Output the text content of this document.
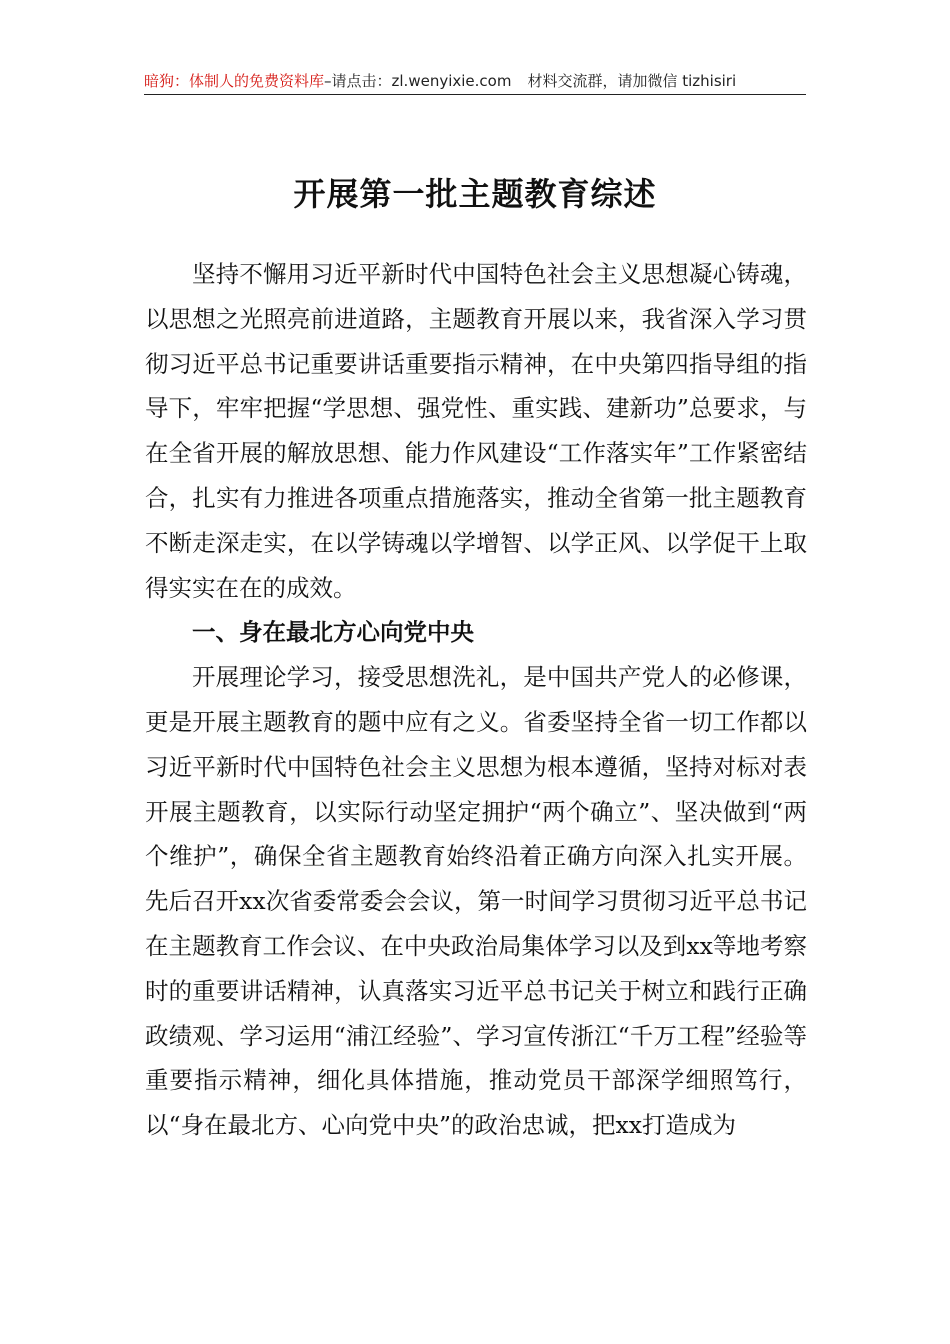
暗狗：体制人的免费资料库–请点击：zl.wenyixie.com 材料交流群，请加微信 tizhisiri
开展第一批主题教育综述

坚持不懈用习近平新时代中国特色社会主义思想凝心铸魂，以思想之光照亮前进道路，主题教育开展以来，我省深入学习贯彻习近平总书记重要讲话重要指示精神，在中央第四指导组的指导下，牢牢把握“学思想、强党性、重实践、建新功”总要求，与在全省开展的解放思想、能力作风建设“工作落实年”工作紧密结合，扎实有力推进各项重点措施落实，推动全省第一批主题教育不断走深走实，在以学铸魂以学增智、以学正风、以学促干上取得实实在在的成效。

一、身在最北方心向党中央

开展理论学习，接受思想洗礼，是中国共产党人的必修课，更是开展主题教育的题中应有之义。省委坚持全省一切工作都以习近平新时代中国特色社会主义思想为根本遵循，坚持对标对表开展主题教育，以实际行动坚定拥护“两个确立”、坚决做到“两个维护”，确保全省主题教育始终沿着正确方向深入扎实开展。先后召开xx次省委常委会会议，第一时间学习贯彻习近平总书记在主题教育工作会议、在中央政治局集体学习以及到xx等地考察时的重要讲话精神，认真落实习近平总书记关于树立和践行正确政绩观、学习运用“浦江经验”、学习宣传浙江“千万工程”经验等重要指示精神，细化具体措施，推动党员干部深学细照笃行，以“身在最北方、心向党中央”的政治忠诚，把xx打造成为
